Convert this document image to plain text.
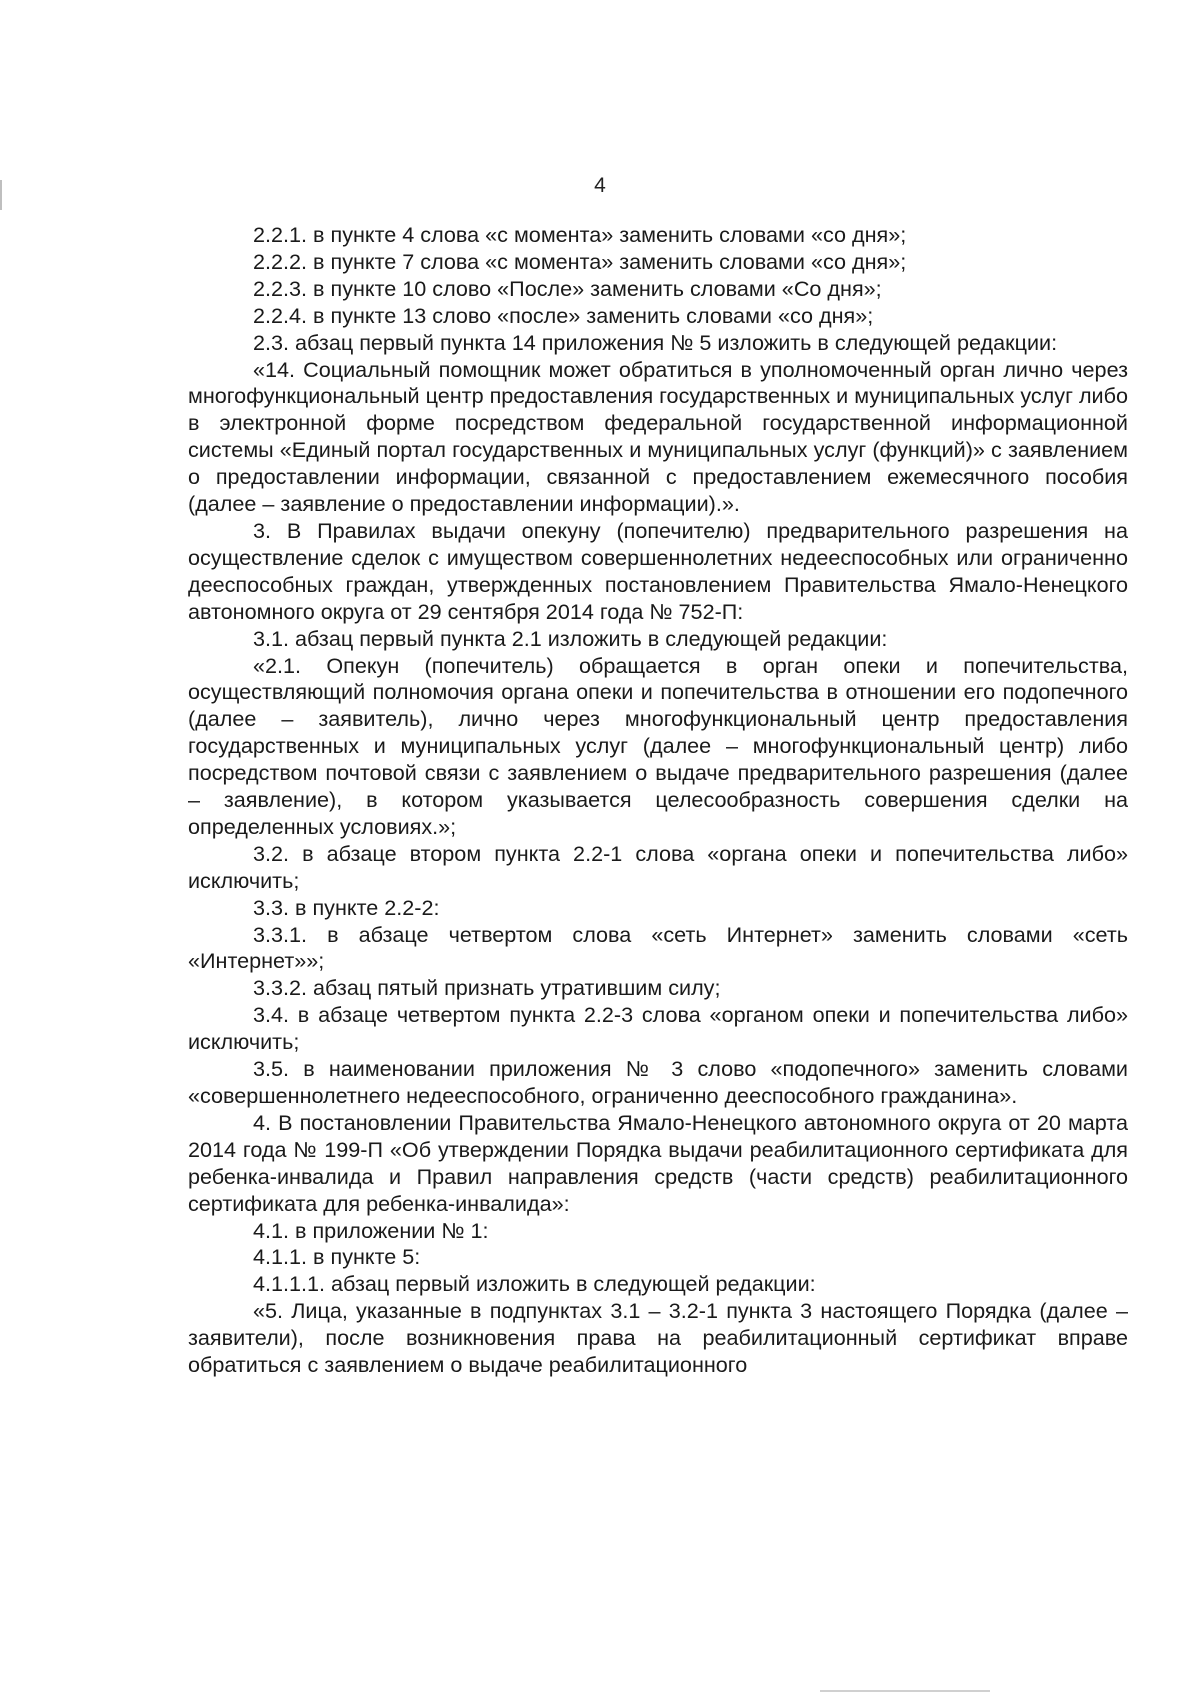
4

2.2.1. в пункте 4 слова «с момента» заменить словами «со дня»;

2.2.2. в пункте 7 слова «с момента» заменить словами «со дня»;

2.2.3. в пункте 10 слово «После» заменить словами «Со дня»;

2.2.4. в пункте 13 слово «после» заменить словами «со дня»;

2.3. абзац первый пункта 14 приложения № 5 изложить в следующей редакции:

«14. Социальный помощник может обратиться в уполномоченный орган лично через многофункциональный центр предоставления государственных и муниципальных услуг либо в электронной форме посредством федеральной государственной информационной системы «Единый портал государственных и муниципальных услуг (функций)» с заявлением о предоставлении информации, связанной с предоставлением ежемесячного пособия (далее – заявление о предоставлении информации).».

3. В Правилах выдачи опекуну (попечителю) предварительного разрешения на осуществление сделок с имуществом совершеннолетних недееспособных или ограниченно дееспособных граждан, утвержденных постановлением Правительства Ямало-Ненецкого автономного округа от 29 сентября 2014 года № 752-П:

3.1. абзац первый пункта 2.1 изложить в следующей редакции:

«2.1. Опекун (попечитель) обращается в орган опеки и попечительства, осуществляющий полномочия органа опеки и попечительства в отношении его подопечного (далее – заявитель), лично через многофункциональный центр предоставления государственных и муниципальных услуг (далее – многофункциональный центр) либо посредством почтовой связи с заявлением о выдаче предварительного разрешения (далее – заявление), в котором указывается целесообразность совершения сделки на определенных условиях.»;

3.2. в абзаце втором пункта 2.2-1 слова «органа опеки и попечительства либо» исключить;

3.3. в пункте 2.2-2:

3.3.1. в абзаце четвертом слова «сеть Интернет» заменить словами «сеть «Интернет»»;

3.3.2. абзац пятый признать утратившим силу;

3.4. в абзаце четвертом пункта 2.2-3 слова «органом опеки и попечительства либо» исключить;

3.5. в наименовании приложения № 3 слово «подопечного» заменить словами «совершеннолетнего недееспособного, ограниченно дееспособного гражданина».

4. В постановлении Правительства Ямало-Ненецкого автономного округа от 20 марта 2014 года № 199-П «Об утверждении Порядка выдачи реабилитационного сертификата для ребенка-инвалида и Правил направления средств (части средств) реабилитационного сертификата для ребенка-инвалида»:

4.1. в приложении № 1:

4.1.1. в пункте 5:

4.1.1.1. абзац первый изложить в следующей редакции:

«5. Лица, указанные в подпунктах 3.1 – 3.2-1 пункта 3 настоящего Порядка (далее – заявители), после возникновения права на реабилитационный сертификат вправе обратиться с заявлением о выдаче реабилитационного
